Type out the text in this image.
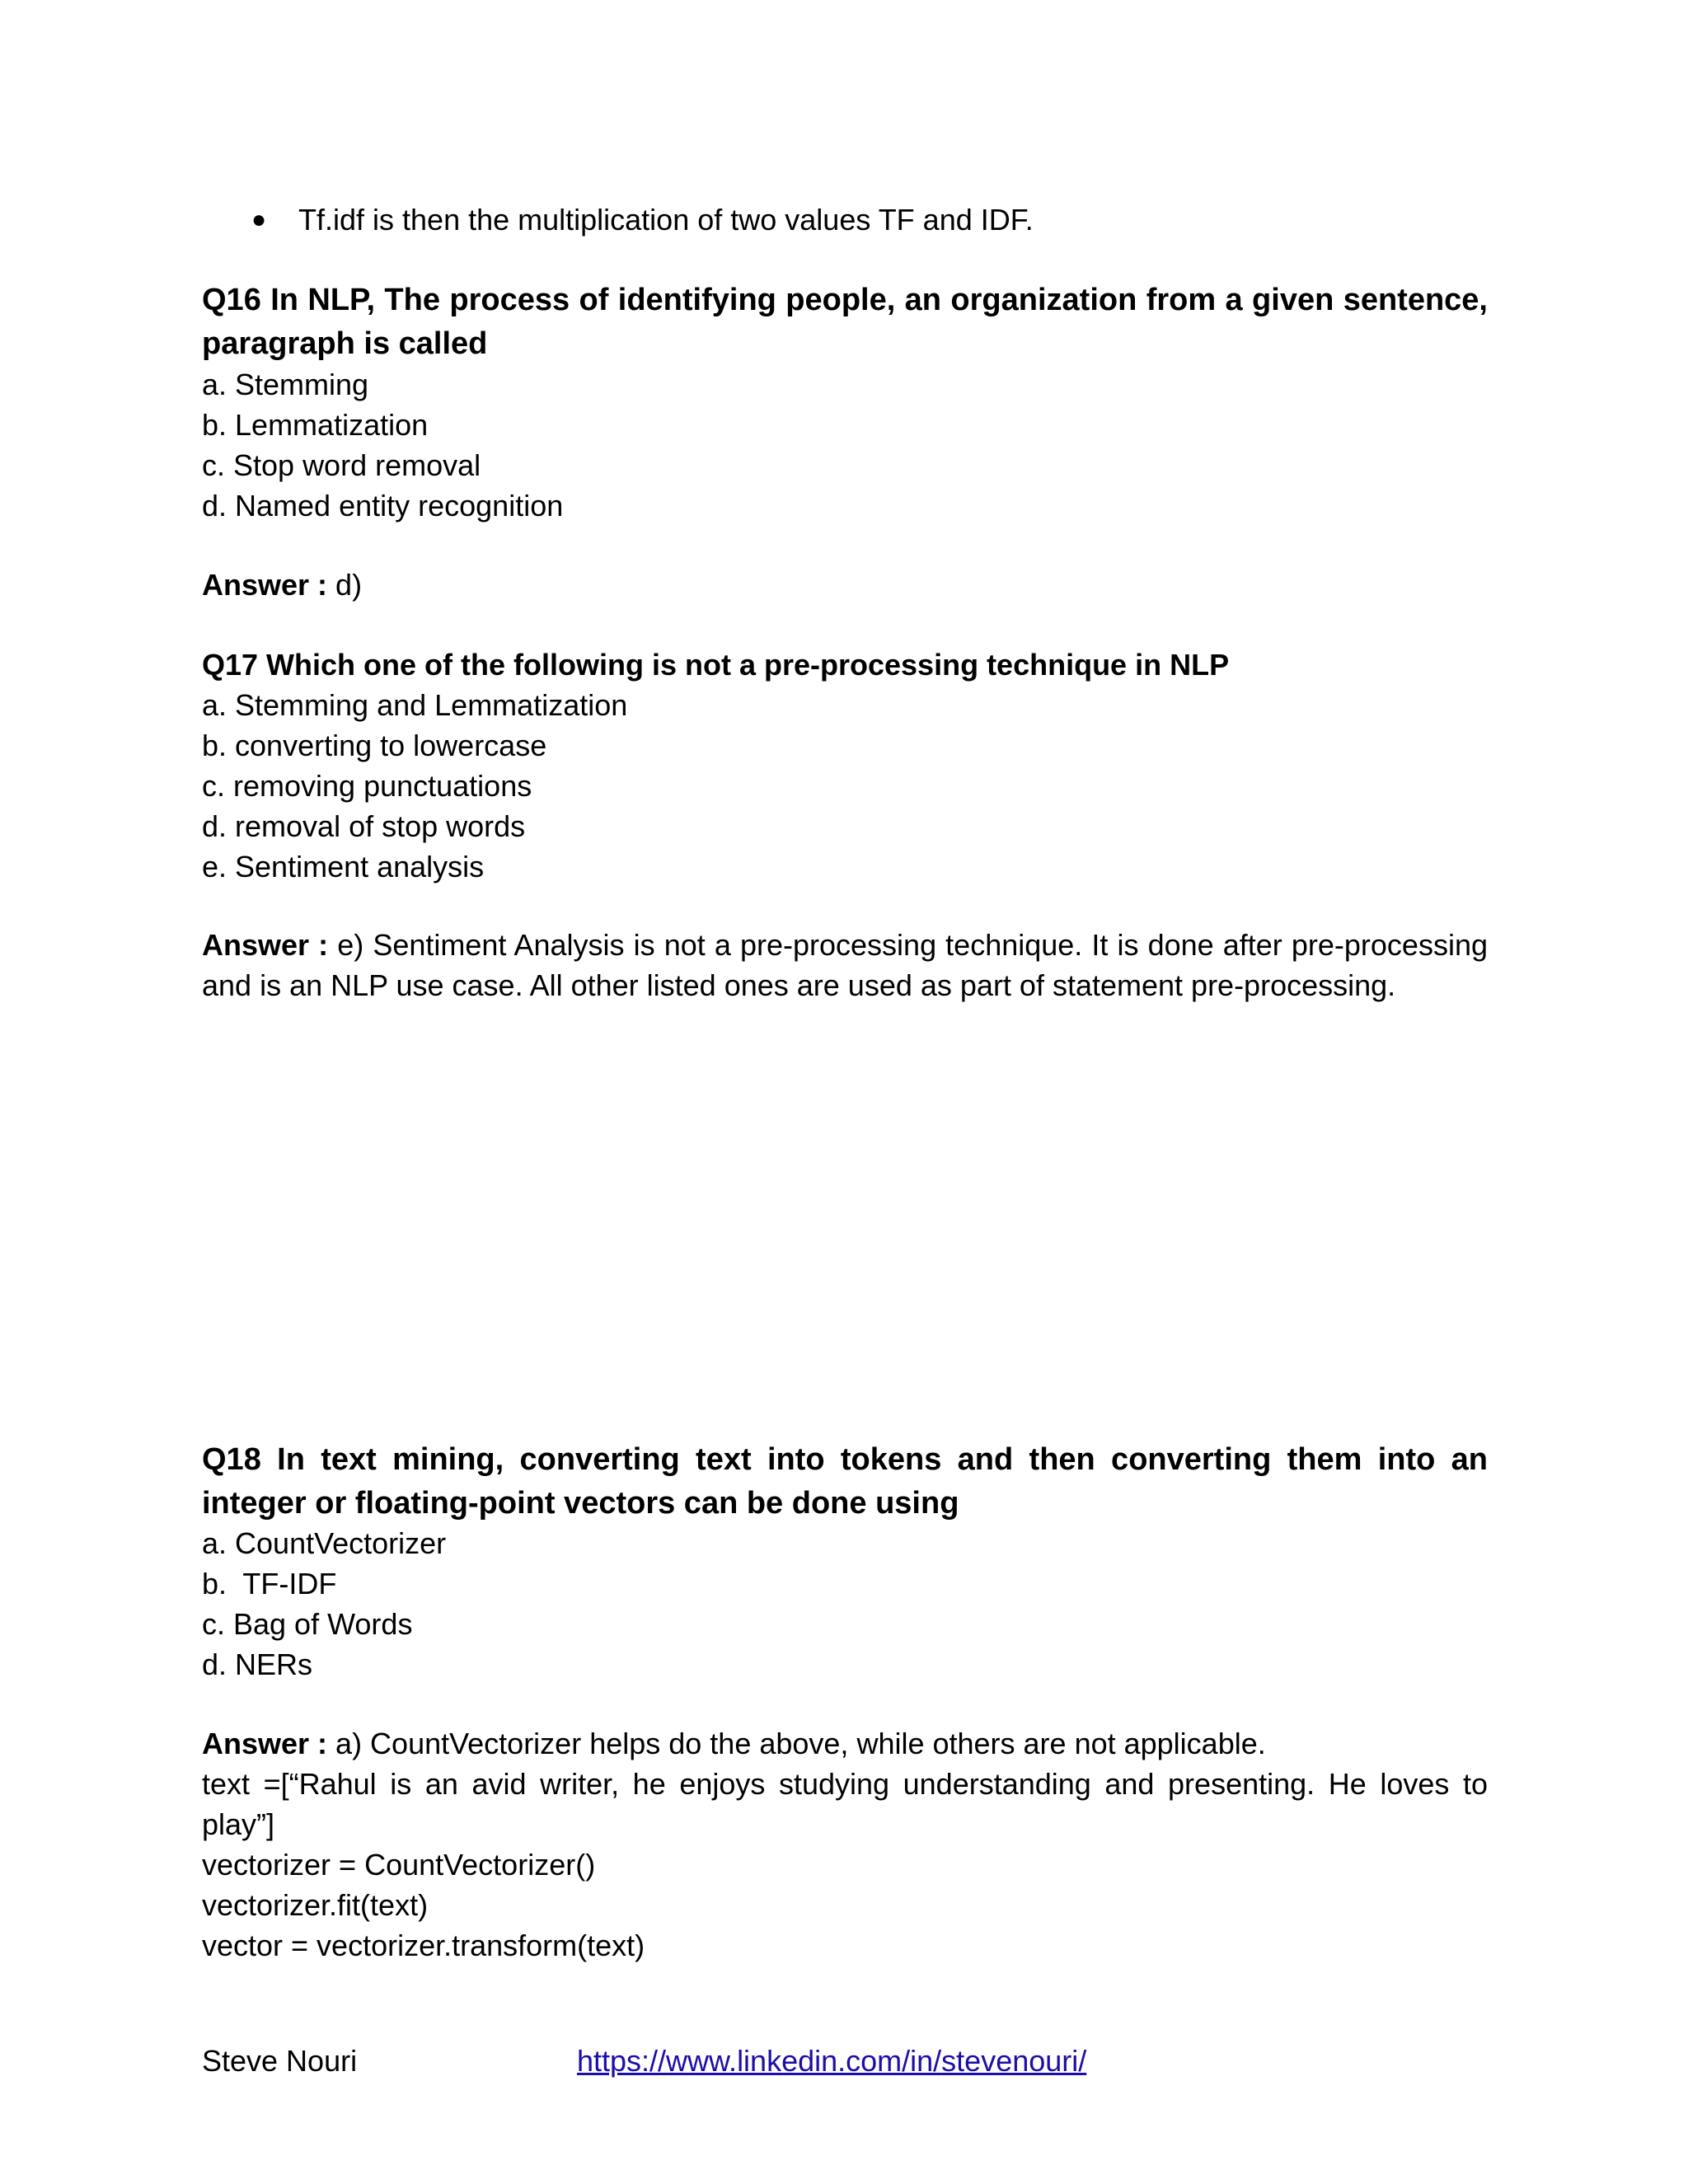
● Tf.idf is then the multiplication of two values TF and IDF.
Q16 In NLP, The process of identifying people, an organization from a given sentence, paragraph is called
a. Stemming
b. Lemmatization
c. Stop word removal
d. Named entity recognition
Answer : d)
Q17 Which one of the following is not a pre-processing technique in NLP
a. Stemming and Lemmatization
b. converting to lowercase
c. removing punctuations
d. removal of stop words
e. Sentiment analysis
Answer : e) Sentiment Analysis is not a pre-processing technique. It is done after pre-processing and is an NLP use case. All other listed ones are used as part of statement pre-processing.
Q18 In text mining, converting text into tokens and then converting them into an integer or floating-point vectors can be done using
a. CountVectorizer
b.  TF-IDF
c. Bag of Words
d. NERs
Answer : a) CountVectorizer helps do the above, while others are not applicable.
text =[“Rahul is an avid writer, he enjoys studying understanding and presenting. He loves to play”]
vectorizer = CountVectorizer()
vectorizer.fit(text)
vector = vectorizer.transform(text)
Steve Nouri	https://www.linkedin.com/in/stevenouri/
